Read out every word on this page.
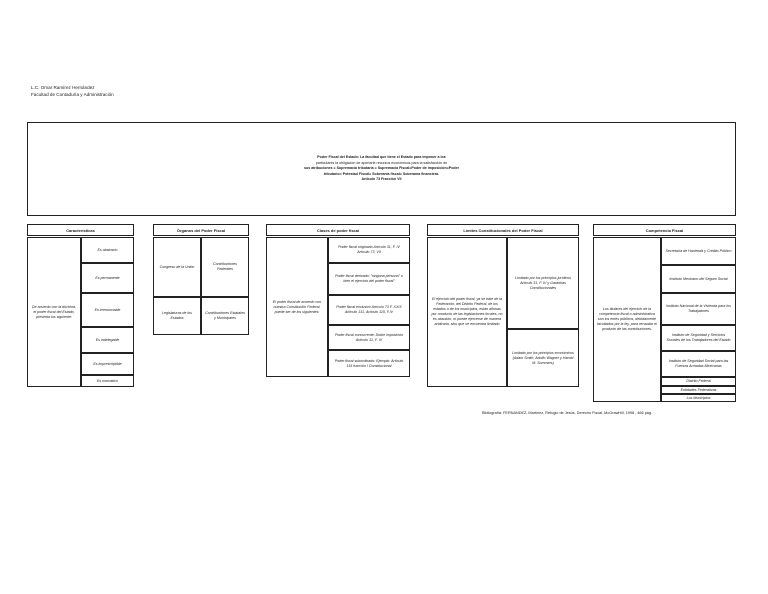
L.C. Omar Ramírez Hernández
Facultad de Contaduría y Administración
Poder Fiscal del Estado: La facultad que tiene el Estado para imponer a los
particulares la obligación de aportarle recursos económicos para la satisfacción de
sus atribuciones = Supremacía tributaria = Supremacía Fiscal=Poder de imposición=Poder
tributario= Potestad Fiscal= Soberanía fiscal= Soberanía financiera.
Artículo 73 Fracción VII
Características
De acuerdo con la doctrina, el poder fiscal del Estado, presenta los siguiente:
Es abstracto
Es permanente
Es irrenunciable
Es indelegable
Es imprescriptible
Es normativo
Órganos del Poder Fiscal
Congreso de la Unión
Contribuciones Federales
Legislaturas de los Estados
Contribuciones Estatales y Municipales
Clases de poder fiscal
El poder fiscal de acuerdo con nuestra Constitución Federal, puede ser de los siguientes:
Poder fiscal originario Artículo 31, F. IV Artículo 73, VII
Poder fiscal derivado: "ninguna persona" o bien el ejercicio del poder fiscal"
Poder fiscal exclusivo Artículo 73 F. XXIX Artículo 131, Artículo 115, F.IV
Poder fiscal concurrente: Doble imposición Artículo 31, F. IV
Poder fiscal subordinado: Ejemplo: Artículo 115 fracción I Constitucional
Límites Constitucionales del Poder Fiscal
El ejercicio del poder fiscal, ya se trate de la Federación, del Distrito Federal, de los estados o de los municipios, están afirmas por conducto de las legislaciones locales, no es absoluto, ni puede ejercerse de manera arbitraria, sino que se encuentra limitado
Limitado por los principios jurídicos Artículo 31, F. IV y Garantías Constitucionales
Limitado por los principios económicos (Adam Smith, Adolfo Wagner y Harold M. Sommers)
Competencia Fiscal
Los titulares del ejercicio de la competencia fiscal o administrativa son los entes públicos, debidamente facultados por la ley, para recaudar el producto de las contribuciones.
Secretaría de Hacienda y Crédito Público
Instituto Mexicano del Seguro Social
Instituto Nacional de la Vivienda para los Trabajadores
Instituto de Seguridad y Servicios Sociales de los Trabajadores del Estado
Instituto de Seguridad Social para las Fuerzas Armadas Mexicanas
Distrito Federal
Entidades Federativas
Los Municipios
Bibliografía: FERNANDEZ, Martínez, Refugio de Jesús, Derecho Fiscal, McGrawHill, 1998 , 466 pág.
